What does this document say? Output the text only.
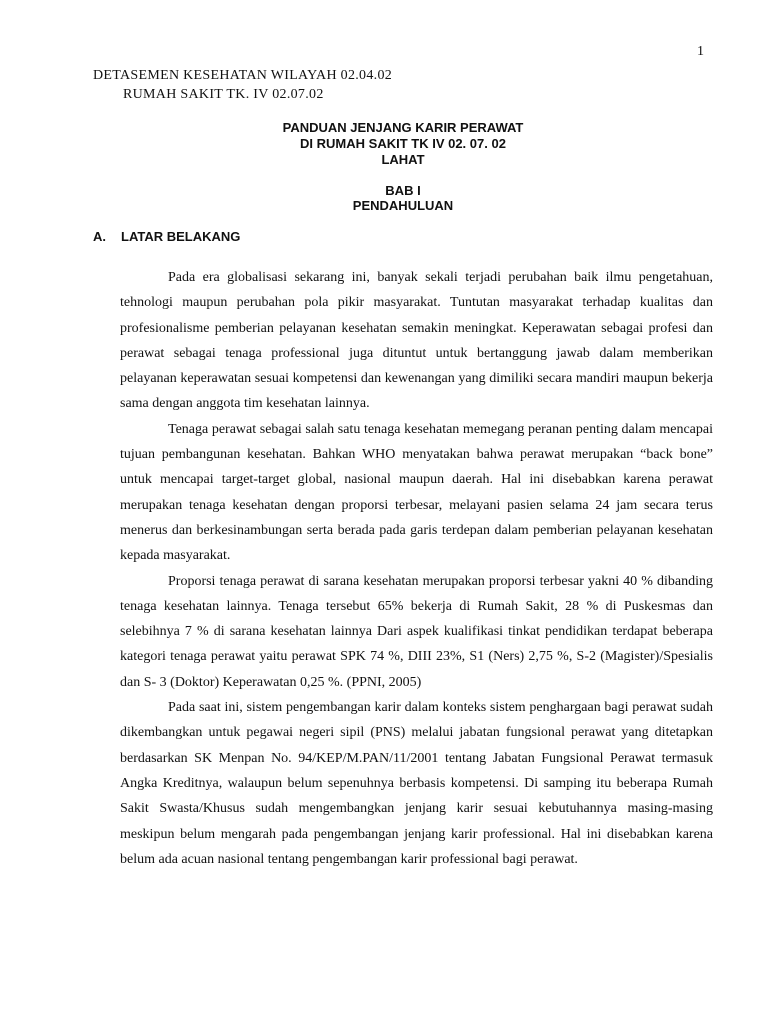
1
DETASEMEN KESEHATAN WILAYAH 02.04.02
RUMAH SAKIT TK. IV 02.07.02
PANDUAN JENJANG KARIR PERAWAT
DI RUMAH SAKIT TK IV 02. 07. 02
LAHAT
BAB I
PENDAHULUAN
A. LATAR BELAKANG

Pada era globalisasi sekarang ini, banyak sekali terjadi perubahan baik ilmu pengetahuan, tehnologi maupun perubahan pola pikir masyarakat. Tuntutan masyarakat terhadap kualitas dan profesionalisme pemberian pelayanan kesehatan semakin meningkat. Keperawatan sebagai profesi dan perawat sebagai tenaga professional juga dituntut untuk bertanggung jawab dalam memberikan pelayanan keperawatan sesuai kompetensi dan kewenangan yang dimiliki secara mandiri maupun bekerja sama dengan anggota tim kesehatan lainnya.

Tenaga perawat sebagai salah satu tenaga kesehatan memegang peranan penting dalam mencapai tujuan pembangunan kesehatan. Bahkan WHO menyatakan bahwa perawat merupakan “back bone” untuk mencapai target-target global, nasional maupun daerah. Hal ini disebabkan karena perawat merupakan tenaga kesehatan dengan proporsi terbesar, melayani pasien selama 24 jam secara terus menerus dan berkesinambungan serta berada pada garis terdepan dalam pemberian pelayanan kesehatan kepada masyarakat.

Proporsi tenaga perawat di sarana kesehatan merupakan proporsi terbesar yakni 40 % dibanding tenaga kesehatan lainnya. Tenaga tersebut 65% bekerja di Rumah Sakit, 28 % di Puskesmas dan selebihnya 7 % di sarana kesehatan lainnya Dari aspek kualifikasi tinkat pendidikan terdapat beberapa kategori tenaga perawat yaitu perawat SPK 74 %, DIII 23%, S1 (Ners) 2,75 %, S-2 (Magister)/Spesialis dan S- 3 (Doktor) Keperawatan 0,25 %. (PPNI, 2005)

Pada saat ini, sistem pengembangan karir dalam konteks sistem penghargaan bagi perawat sudah dikembangkan untuk pegawai negeri sipil (PNS) melalui jabatan fungsional perawat yang ditetapkan berdasarkan SK Menpan No. 94/KEP/M.PAN/11/2001 tentang Jabatan Fungsional Perawat termasuk Angka Kreditnya, walaupun belum sepenuhnya berbasis kompetensi. Di samping itu beberapa Rumah Sakit Swasta/Khusus sudah mengembangkan jenjang karir sesuai kebutuhannya masing-masing meskipun belum mengarah pada pengembangan jenjang karir professional. Hal ini disebabkan karena belum ada acuan nasional tentang pengembangan karir professional bagi perawat.
